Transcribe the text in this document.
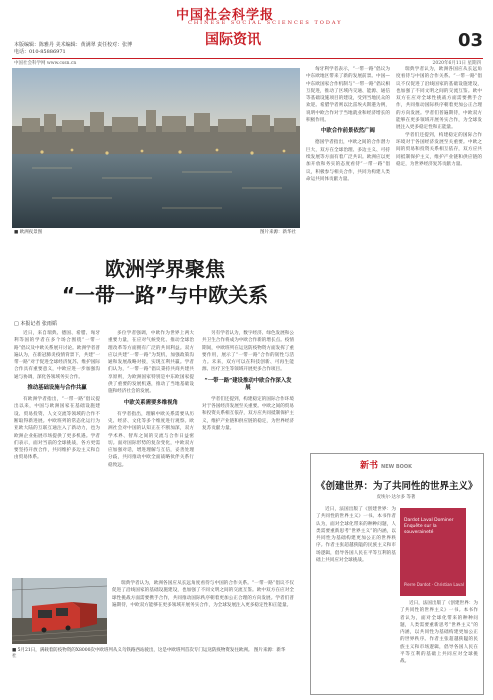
中国社会科学报
CHINESE SOCIAL SCIENCES TODAY
国际资讯	03
本版编辑：陈雅丹 美术编辑：黄满翠 责任校对：张博
电话：010-85886971
中国社会科学网 www.cssn.cn	2020年6月11日 星期四
■ 欧洲夜景图	图片来源：新华社
欧洲学界聚焦
“一带一路”与中欧关系
□ 本报记者 张雨韬
近日，来自瑞典、德国、希腊、匈牙利等国的学者在多个场合围绕“一带一路”倡议及中欧关系展开讨论。欧洲学者普遍认为，在新冠肺炎疫情背景下，共建“一带一路”对于促进全球经济复苏、维护国际合作具有重要意义，中欧应进一步加强沟通与协调，深化各领域务实合作。
推动基础设施与合作共赢
有欧洲学者指出，“一带一路”倡议提出以来，中国与欧洲国家在基础设施建设、贸易投资、人文交流等领域的合作不断取得新进展。中欧班列的常态化运行为亚欧大陆的互联互通注入了新动力，也为欧洲企业拓展市场提供了更多机遇。学者们表示，面对当前的全球挑战，各方更需要坚持开放合作，共同维护多边主义和自由贸易体系。
多位学者强调，中欧作为世界上两大重要力量，在应对气候变化、推动全球治理改革等方面拥有广泛的共同利益。双方应以共建“一带一路”为契机，加强政策沟通和发展战略对接，实现互利共赢。学者们认为，“一带一路”倡议秉持共商共建共享原则，为欧洲国家特别是中东欧国家提供了重要的发展机遇，推动了当地基础设施和经济社会的发展。
中欧关系需要多维视角
有学者指出，理解中欧关系需要从历史、经济、文化等多个维度进行观察。欧洲社会对中国的认知正在不断加深，双方学术界、智库之间的交流与合作日益密切。面对国际形势的复杂变化，中欧双方应加强对话，增进理解与互信，妥善处理分歧，共同推动中欧全面战略伙伴关系行稳致远。
另有学者认为，数字经济、绿色发展和公共卫生合作将成为中欧合作新的增长点。疫情期间，中欧班列在运送防疫物资方面发挥了重要作用，展示了“一带一路”合作的韧性与活力。未来，双方可以在科技创新、可再生能源、医疗卫生等领域开展更多合作项目。
“一带一路”建设推动中欧合作深入发展
学者们还提到，构建稳定的国际合作环境对于各国经济发展至关重要。中欧之间的贸易和投资关系相互依存，双方应共同抵制保护主义，维护产业链和供应链的稳定，为世界经济复苏贡献力量。
瑞典学者认为，欧洲各国应从长远角度看待与中国的合作关系。“一带一路”倡议不仅促进了沿线国家的基础设施建设，也加强了不同文明之间的交流互鉴。欧中双方在应对全球性挑战方面需要携手合作，共同推动国际秩序朝着更加公正合理的方向发展。学者们普遍期待，中欧双方能够在更多领域开展务实合作，为全球发展注入更多稳定性和正能量。
匈牙利学者表示，“一带一路”倡议为中东欧地区带来了新的发展前景。中国—中东欧国家合作机制与“一带一路”倡议相互促进，推动了区域内交通、能源、通信等基础设施项目的建设，受到当地民众的欢迎。希腊学者则以比雷埃夫斯港为例，说明中欧合作对于当地就业和经济增长的积极作用。
中欧合作前景依然广阔
德国学者指出，中欧之间的合作潜力巨大，双方在全球治理、多边主义、可持续发展等方面有着广泛共识。欧洲应以更加开放和务实的态度看待“一带一路”倡议，积极参与相关合作，共同为构建人类命运共同体贡献力量。
瑞典学者认为，欧洲各国应从长远角度看待与中国的合作关系。“一带一路”倡议不仅促进了沿线国家的基础设施建设，也加强了不同文明之间的交流互鉴。欧中双方在应对全球性挑战方面需要携手合作，共同推动国际秩序朝着更加公正合理的方向发展。学者们普遍期待，中欧双方能够在更多领域开展务实合作，为全球发展注入更多稳定性和正能量。
学者们还提到，构建稳定的国际合作环境对于各国经济发展至关重要。中欧之间的贸易和投资关系相互依存，双方应共同抵制保护主义，维护产业链和供应链的稳定，为世界经济复苏贡献力量。
■ 5月21日，满载着防疫物资的X8000次中欧班列从义乌铁路西站驶出，这是中欧班列首次专门运送防疫物资发往欧洲。 图片来源：新华社
新书 NEW BOOK
《创建世界：为了共同性的世界主义》
皮埃尔·达尔多 等著
近日，法国出版了《创建世界：为了共同性的世界主义》一书。本书作者认为，面对全球化带来的种种问题，人类需要重新思考“世界主义”的内涵，以共同性为基础构建更加公正的世界秩序。作者主张超越狭隘的民族主义和市场逻辑，倡导各国人民在平等互利的基础上共同应对全球挑战。
Dardot Laval Dominer Enquête sur la souveraineté
Pierre Dardot · Christian Laval
近日，法国出版了《创建世界：为了共同性的世界主义》一书。本书作者认为，面对全球化带来的种种问题，人类需要重新思考“世界主义”的内涵，以共同性为基础构建更加公正的世界秩序。作者主张超越狭隘的民族主义和市场逻辑，倡导各国人民在平等互利的基础上共同应对全球挑战。
